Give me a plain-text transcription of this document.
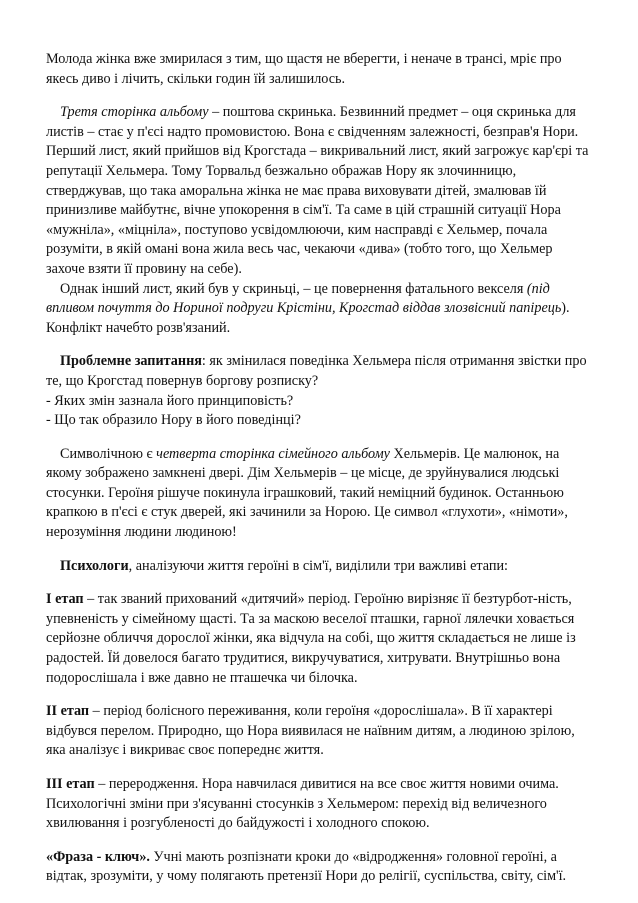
Молода жінка вже змирилася з тим, що щастя не вберегти, і неначе в трансі, мріє про якесь диво і лічить, скільки годин їй залишилось.

Третя сторінка альбому – поштова скринька. Безвинний предмет – оця скринька для листів – стає у п'єсі надто промовистою. Вона є свідченням залежності, безправ'я Нори. Перший лист, який прийшов від Крогстада – викривальний лист, який загрожує кар'єрі та репутації Хельмера. Тому Торвальд безжально ображав Нору як злочинницю, стверджував, що така аморальна жінка не має права виховувати дітей, змалював їй принизливе майбутнє, вічне упокорення в сім'ї. Та саме в цій страшній ситуації Нора «мужніла», «міцніла», поступово усвідомлюючи, ким насправді є Хельмер, почала розуміти, в якій омані вона жила весь час, чекаючи «дива» (тобто того, що Хельмер захоче взяти її провину на себе).

Однак інший лист, який був у скриньці, – це повернення фатального векселя (під впливом почуття до Нориної подруги Крістіни, Крогстад віддав злозвісний папірець). Конфлікт начебто розв'язаний.

Проблемне запитання: як змінилася поведінка Хельмера після отримання звістки про те, що Крогстад повернув боргову розписку?

- Яких змін зазнала його принциповість?

- Що так образило Нору в його поведінці?

Символічною є четверта сторінка сімейного альбому Хельмерів. Це малюнок, на якому зображено замкнені двері. Дім Хельмерів – це місце, де зруйнувалися людські стосунки. Героїня рішуче покинула іграшковий, такий неміцний будинок. Останньою крапкою в п'єсі є стук дверей, які зачинили за Норою. Це символ «глухоти», «німоти», нерозуміння людини людиною!

Психологи, аналізуючи життя героїні в сім'ї, виділили три важливі етапи:

І етап – так званий прихований «дитячий» період. Героїню вирізняє її безтурбот-ність, упевненість у сімейному щасті. Та за маскою веселої пташки, гарної лялечки ховається серйозне обличчя дорослої жінки, яка відчула на собі, що життя складається не лише із радостей. Їй довелося багато трудитися, викручуватися, хитрувати. Внутрішньо вона подорослішала і вже давно не пташечка чи білочка.

ІІ етап – період болісного переживання, коли героїня «дорослішала». В її характері відбувся перелом. Природно, що Нора виявилася не наївним дитям, а людиною зрілою, яка аналізує і викриває своє попереднє життя.

ІІІ етап – переродження. Нора навчилася дивитися на все своє життя новими очима. Психологічні зміни при з'ясуванні стосунків з Хельмером: перехід від величезного хвилювання і розгубленості до байдужості і холодного спокою.

«Фраза - ключ». Учні мають розпізнати кроки до «відродження» головної героїні, а відтак, зрозуміти, у чому полягають претензії Нори до релігії, суспільства, світу, сім'ї.
